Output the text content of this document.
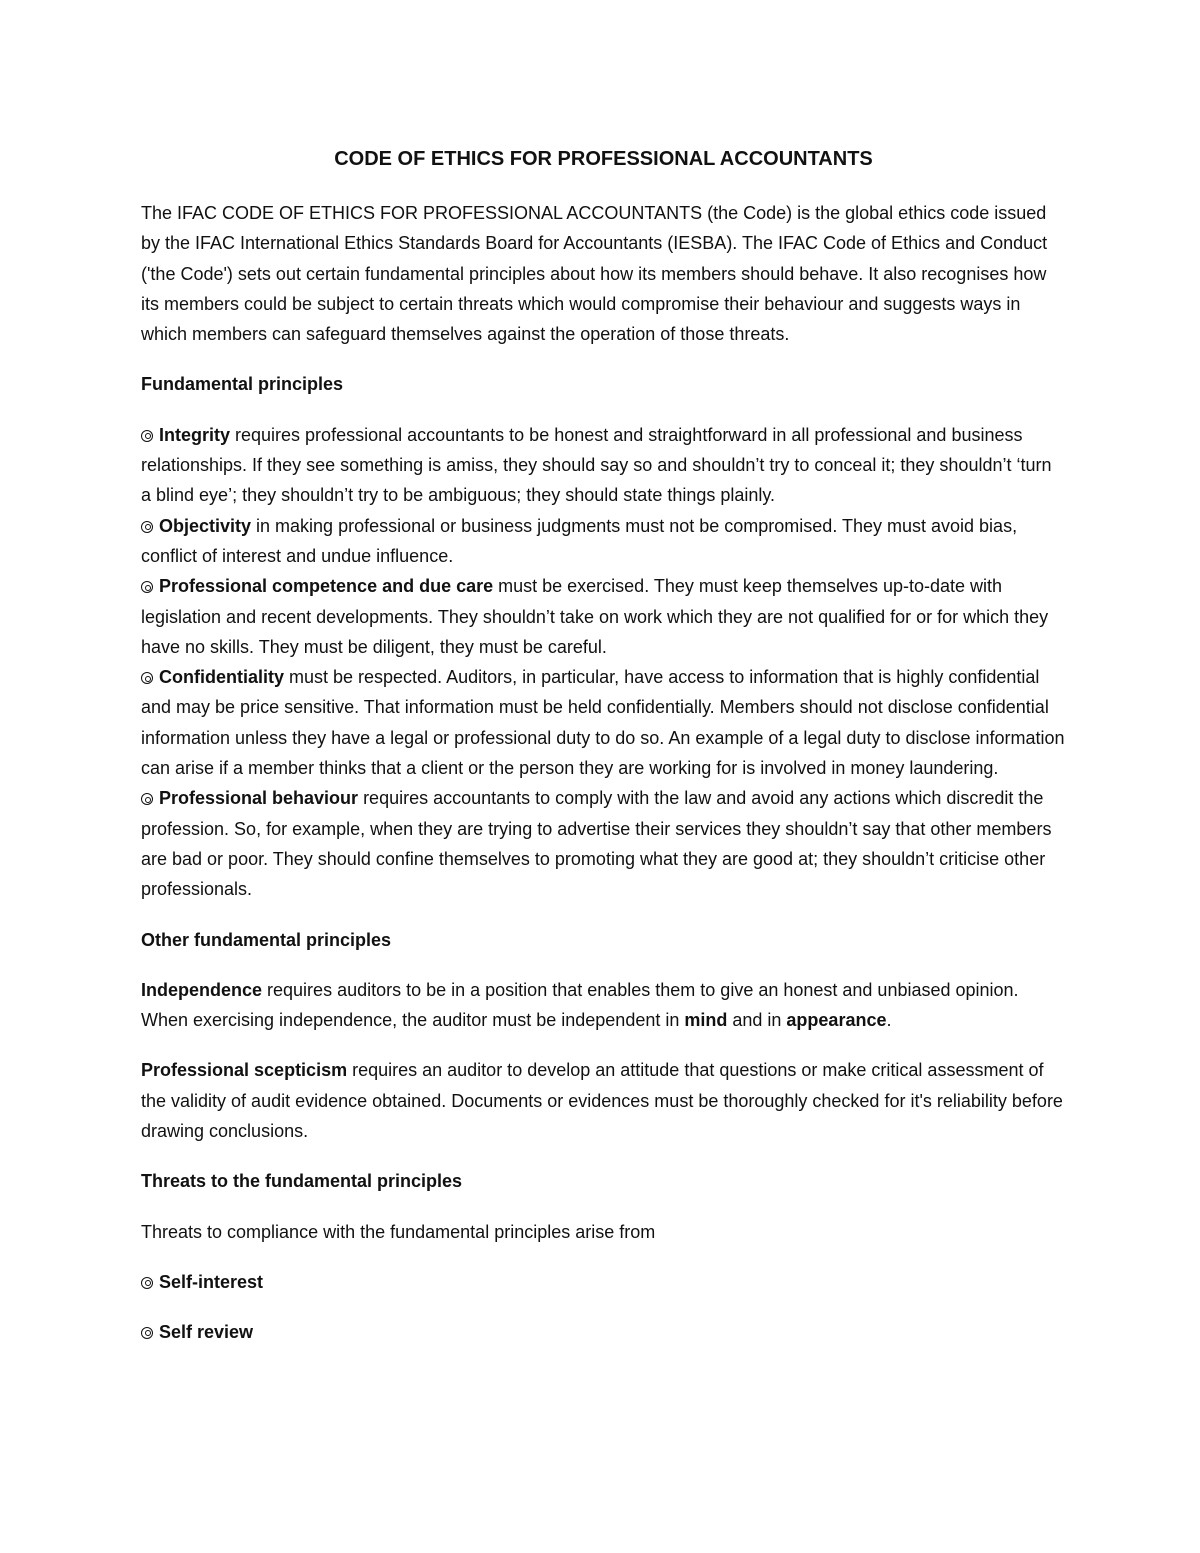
CODE OF ETHICS FOR PROFESSIONAL ACCOUNTANTS

The IFAC CODE OF ETHICS FOR PROFESSIONAL ACCOUNTANTS (the Code) is the global ethics code issued by the IFAC International Ethics Standards Board for Accountants (IESBA). The IFAC Code of Ethics and Conduct ('the Code') sets out certain fundamental principles about how its members should behave. It also recognises how its members could be subject to certain threats which would compromise their behaviour and suggests ways in which members can safeguard themselves against the operation of those threats.

Fundamental principles

Integrity requires professional accountants to be honest and straightforward in all professional and business relationships. If they see something is amiss, they should say so and shouldn’t try to conceal it; they shouldn’t ‘turn a blind eye’; they shouldn’t try to be ambiguous; they should state things plainly.

Objectivity in making professional or business judgments must not be compromised. They must avoid bias, conflict of interest and undue influence.

Professional competence and due care must be exercised. They must keep themselves up-to-date with legislation and recent developments. They shouldn’t take on work which they are not qualified for or for which they have no skills. They must be diligent, they must be careful.

Confidentiality must be respected. Auditors, in particular, have access to information that is highly confidential and may be price sensitive. That information must be held confidentially. Members should not disclose confidential information unless they have a legal or professional duty to do so. An example of a legal duty to disclose information can arise if a member thinks that a client or the person they are working for is involved in money laundering.

Professional behaviour requires accountants to comply with the law and avoid any actions which discredit the profession. So, for example, when they are trying to advertise their services they shouldn’t say that other members are bad or poor. They should confine themselves to promoting what they are good at; they shouldn’t criticise other professionals.

Other fundamental principles

Independence requires auditors to be in a position that enables them to give an honest and unbiased opinion. When exercising independence, the auditor must be independent in mind and in appearance.

Professional scepticism requires an auditor to develop an attitude that questions or make critical assessment of the validity of audit evidence obtained. Documents or evidences must be thoroughly checked for it's reliability before drawing conclusions.

Threats to the fundamental principles

Threats to compliance with the fundamental principles arise from

Self-interest

Self review
